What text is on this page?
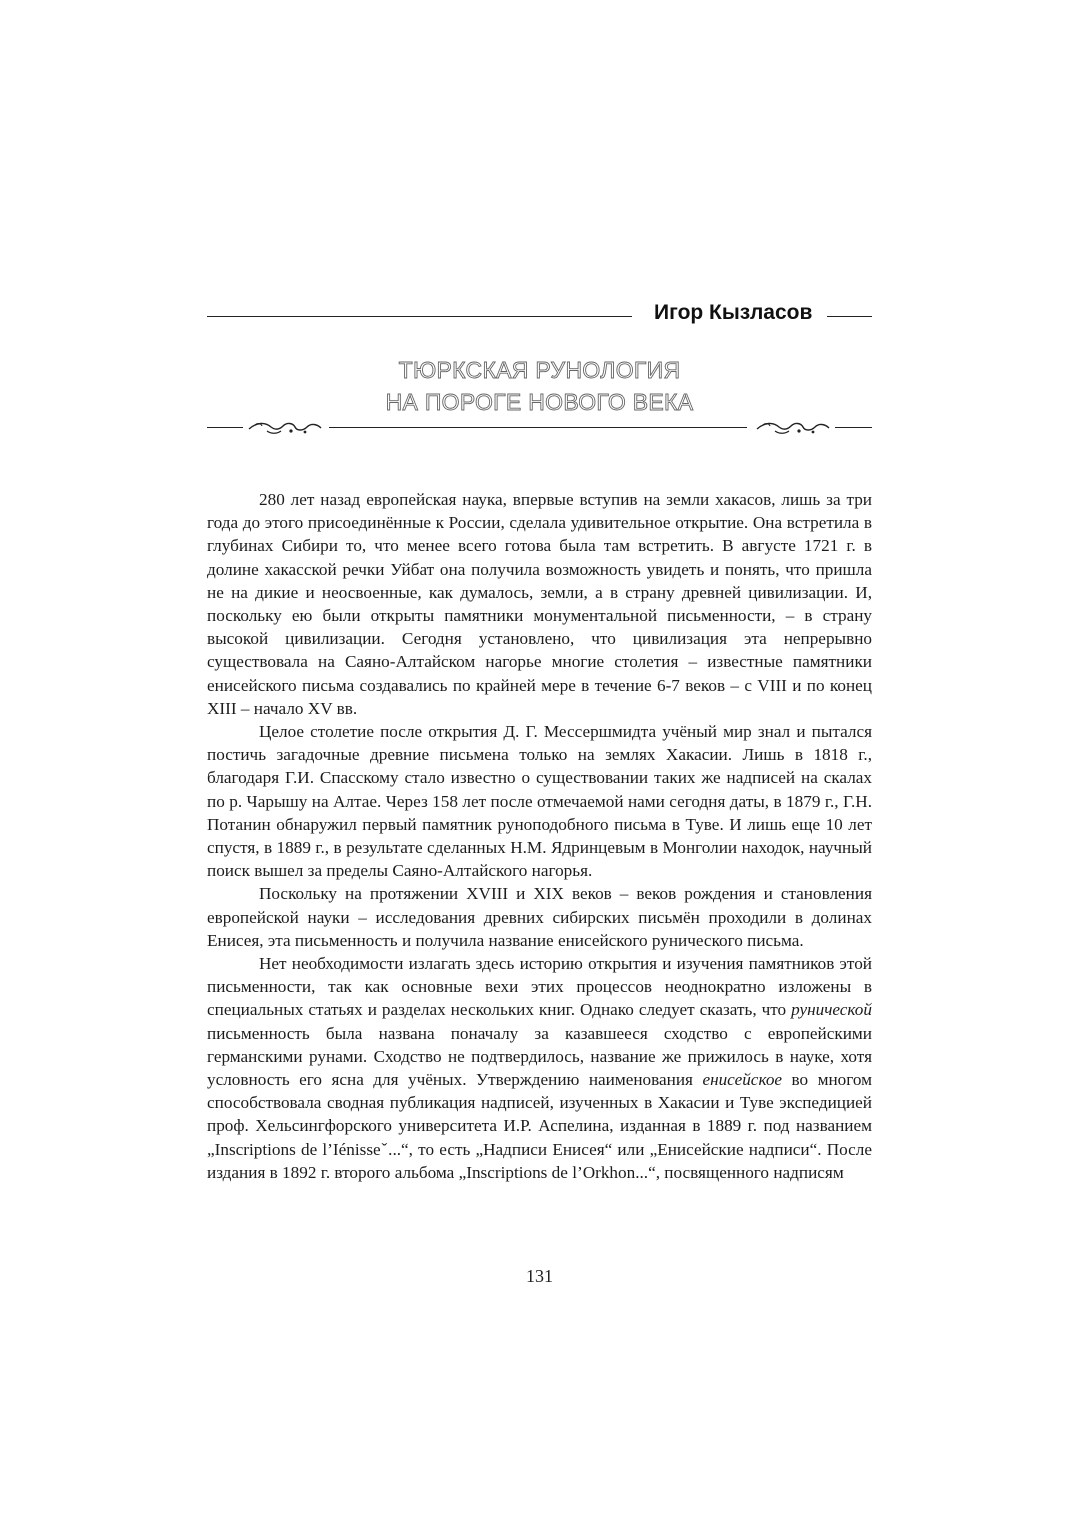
Игор Кызласов
ТЮРКСКАЯ РУНОЛОГИЯ
НА ПОРОГЕ НОВОГО ВЕКА

280 лет назад европейская наука, впервые вступив на земли хакасов, лишь за три года до этого присоединённые к России, сделала удивительное открытие. Она встретила в глубинах Сибири то, что менее всего готова была там встретить. В августе 1721 г. в долине хакасской речки Уйбат она получила возможность увидеть и понять, что пришла не на дикие и неосвоенные, как думалось, земли, а в страну древней цивилизации. И, поскольку ею были открыты памятники монументальной письменности, – в страну высокой цивилизации. Сегодня установлено, что цивилизация эта непрерывно существовала на Саяно-Алтайском нагорье многие столетия – известные памятники енисейского письма создавались по крайней мере в течение 6-7 веков – с VIII и по конец XIII – начало XV вв.

Целое столетие после открытия Д. Г. Мессершмидта учёный мир знал и пытался постичь загадочные древние письмена только на землях Хакасии. Лишь в 1818 г., благодаря Г.И. Спасскому стало известно о существовании таких же надписей на скалах по р. Чарышу на Алтае. Через 158 лет после отмечаемой нами сегодня даты, в 1879 г., Г.Н. Потанин обнаружил первый памятник руноподобного письма в Туве. И лишь еще 10 лет спустя, в 1889 г., в результате сделанных Н.М. Ядринцевым в Монголии находок, научный поиск вышел за пределы Саяно-Алтайского нагорья.

Поскольку на протяжении XVIII и XIX веков – веков рождения и становления европейской науки – исследования древних сибирских письмён проходили в долинах Енисея, эта письменность и получила название енисейского рунического письма.

Нет необходимости излагать здесь историю открытия и изучения памятников этой письменности, так как основные вехи этих процессов неоднократно изложены в специальных статьях и разделах нескольких книг. Однако следует сказать, что рунической письменность была названа поначалу за казавшееся сходство с европейскими германскими рунами. Сходство не подтвердилось, название же прижилось в науке, хотя условность его ясна для учёных. Утверждению наименования енисейское во многом способствовала сводная публикация надписей, изученных в Хакасии и Туве экспедицией проф. Хельсингфорского университета И.Р. Аспелина, изданная в 1889 г. под названием „Inscriptions de l’Iénisseˇ...“, то есть „Надписи Енисея“ или „Енисейские надписи“. После издания в 1892 г. второго альбома „Inscriptions de l’Orkhon...“, посвященного надписям

131
